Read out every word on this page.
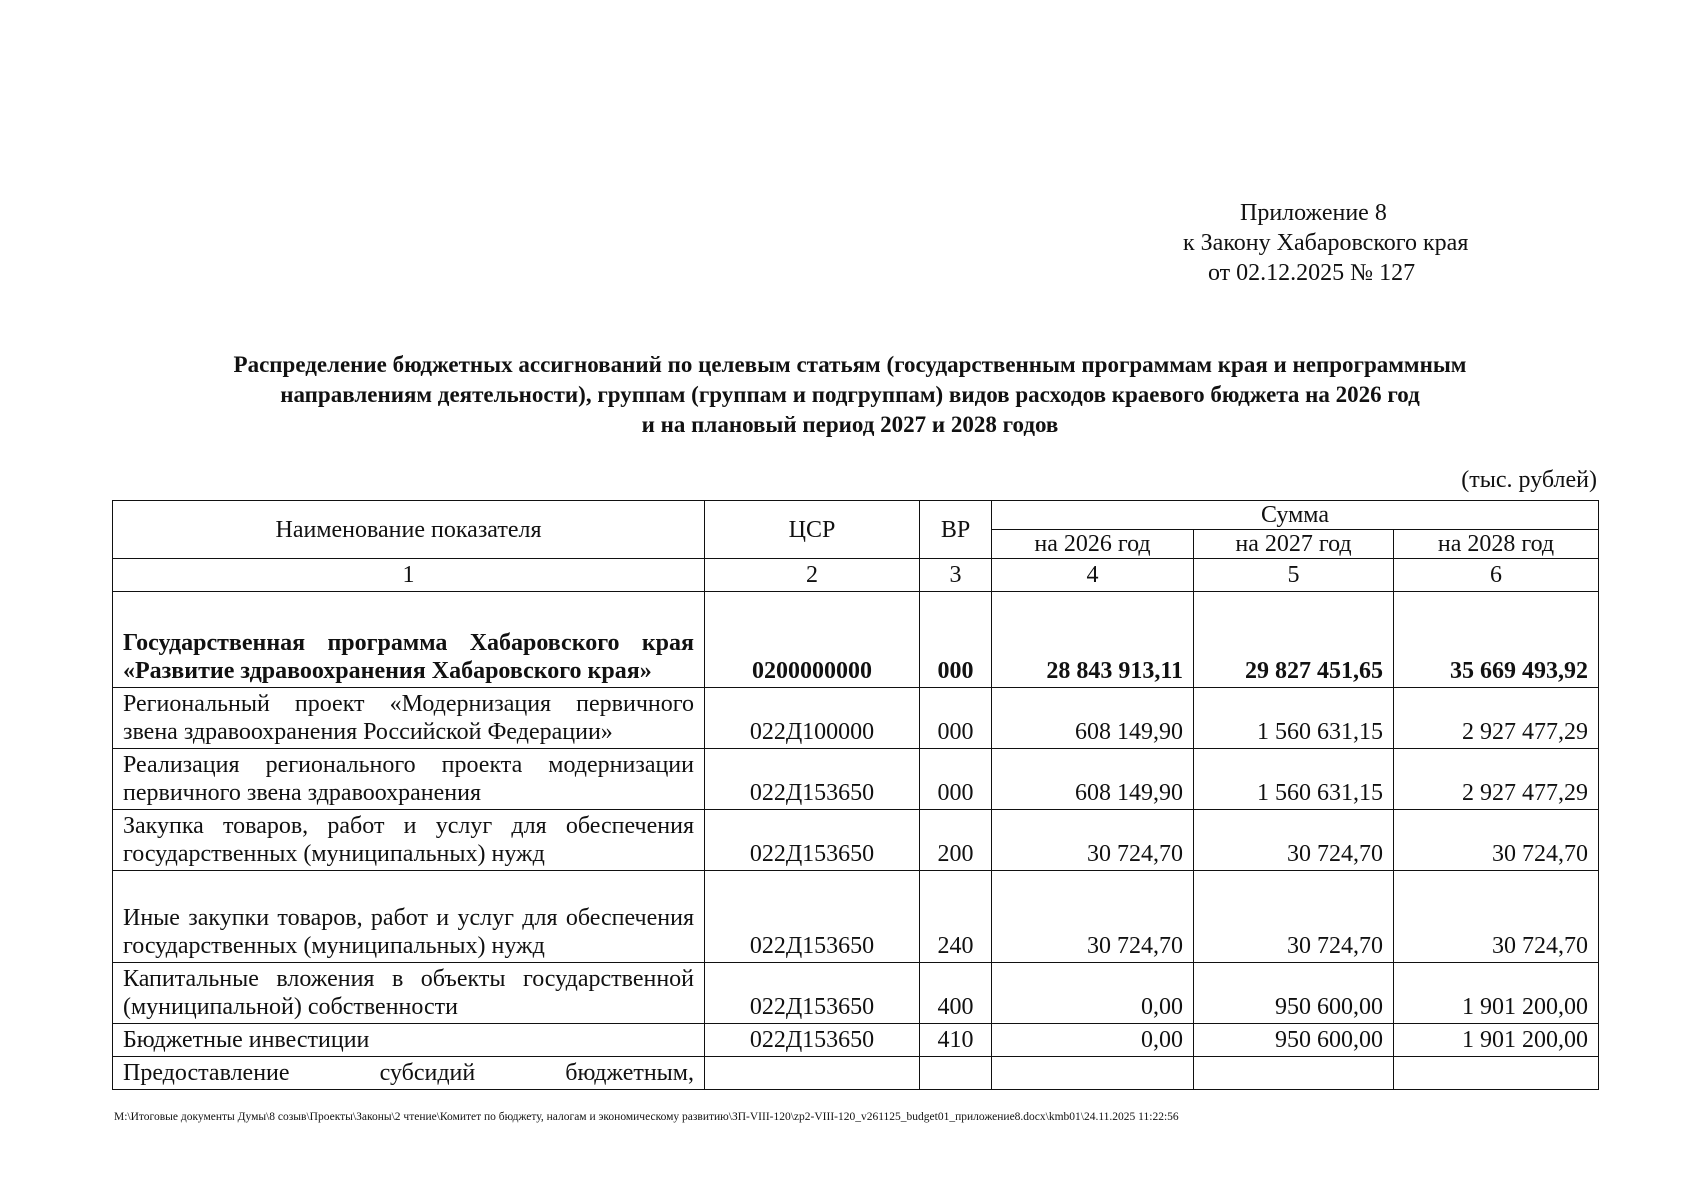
Приложение 8
к Закону Хабаровского края
от 02.12.2025 № 127
Распределение бюджетных ассигнований по целевым статьям (государственным программам края и непрограммным
направлениям деятельности), группам (группам и подгруппам) видов расходов краевого бюджета на 2026 год
и на плановый период 2027 и 2028 годов
(тыс. рублей)
Наименование показателя	ЦСР	ВР	Сумма		
			на 2026 год	на 2027 год	на 2028 год
1	2	3	4	5	6
Государственная программа Хабаровского края «Развитие здравоохранения Хабаровского края»	0200000000	000	28 843 913,11	29 827 451,65	35 669 493,92
Региональный проект «Модернизация первичного звена здравоохранения Российской Федерации»	022Д100000	000	608 149,90	1 560 631,15	2 927 477,29
Реализация регионального проекта модернизации первичного звена здравоохранения	022Д153650	000	608 149,90	1 560 631,15	2 927 477,29
Закупка товаров, работ и услуг для обеспечения государственных (муниципальных) нужд	022Д153650	200	30 724,70	30 724,70	30 724,70
Иные закупки товаров, работ и услуг для обеспечения государственных (муниципальных) нужд	022Д153650	240	30 724,70	30 724,70	30 724,70
Капитальные вложения в объекты государственной (муниципальной) собственности	022Д153650	400	0,00	950 600,00	1 901 200,00
Бюджетные инвестиции	022Д153650	410	0,00	950 600,00	1 901 200,00
Предоставление субсидий бюджетным,					
M:\Итоговые документы Думы\8 созыв\Проекты\Законы\2 чтение\Комитет по бюджету, налогам и экономическому развитию\ЗП-VIII-120\zp2-VIII-120_v261125_budget01_приложение8.docx\kmb01\24.11.2025 11:22:56
